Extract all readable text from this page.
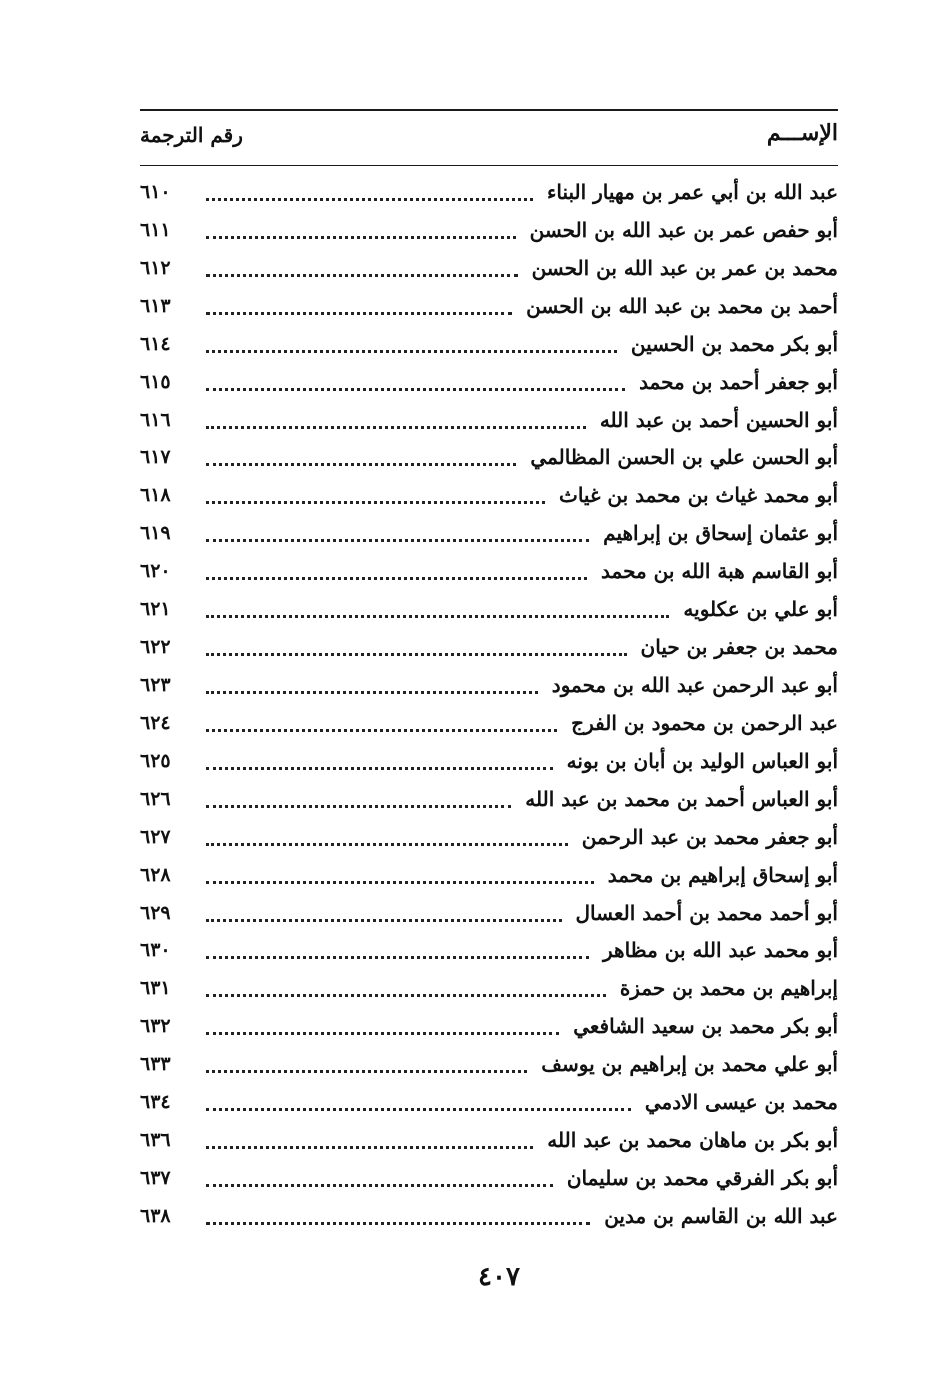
الإســـم
رقم الترجمة
عبد الله بن أبي عمر بن مهيار البناء
٦١٠
أبو حفص عمر بن عبد الله بن الحسن
٦١١
محمد بن عمر بن عبد الله بن الحسن
٦١٢
أحمد بن محمد بن عبد الله بن الحسن
٦١٣
أبو بكر محمد بن الحسين
٦١٤
أبو جعفر أحمد بن محمد
٦١٥
أبو الحسين أحمد بن عبد الله
٦١٦
أبو الحسن علي بن الحسن المظالمي
٦١٧
أبو محمد غياث بن محمد بن غياث
٦١٨
أبو عثمان إسحاق بن إبراهيم
٦١٩
أبو القاسم هبة الله بن محمد
٦٢٠
أبو علي بن عكلويه
٦٢١
محمد بن جعفر بن حيان
٦٢٢
أبو عبد الرحمن عبد الله بن محمود
٦٢٣
عبد الرحمن بن محمود بن الفرج
٦٢٤
أبو العباس الوليد بن أبان بن بونه
٦٢٥
أبو العباس أحمد بن محمد بن عبد الله
٦٢٦
أبو جعفر محمد بن عبد الرحمن
٦٢٧
أبو إسحاق إبراهيم بن محمد
٦٢٨
أبو أحمد محمد بن أحمد العسال
٦٢٩
أبو محمد عبد الله بن مظاهر
٦٣٠
إبراهيم بن محمد بن حمزة
٦٣١
أبو بكر محمد بن سعيد الشافعي
٦٣٢
أبو علي محمد بن إبراهيم بن يوسف
٦٣٣
محمد بن عيسى الادمي
٦٣٤
أبو بكر بن ماهان محمد بن عبد الله
٦٣٦
أبو بكر الفرقي محمد بن سليمان
٦٣٧
عبد الله بن القاسم بن مدين
٦٣٨
٤٠٧
